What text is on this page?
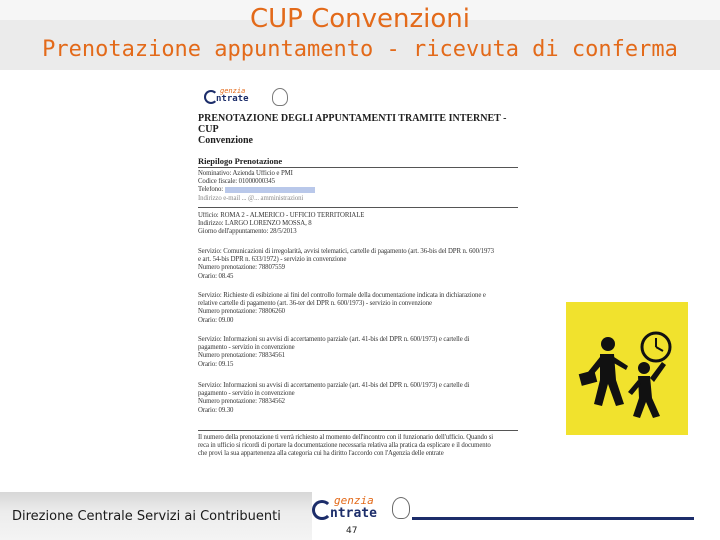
CUP Convenzioni
Prenotazione appuntamento - ricevuta di conferma
genzia
ntrate
PRENOTAZIONE DEGLI APPUNTAMENTI TRAMITE INTERNET - CUP
Convenzione
Riepilogo Prenotazione
Nominativo: Azienda Ufficio e PMI
Codice fiscale: 01000000345
Telefono:
Indirizzo e-mail ... @... amministrazioni
Ufficio: ROMA 2 - ALMERICO - UFFICIO TERRITORIALE
Indirizzo: LARGO LORENZO MOSSA, 8
Giorno dell'appuntamento: 28/5/2013
Servizio: Comunicazioni di irregolarità, avvisi telematici, cartelle di pagamento (art. 36-bis del DPR n. 600/1973
e art. 54-bis DPR n. 633/1972) - servizio in convenzione
Numero prenotazione: 78807559
Orario: 08.45
Servizio: Richieste di esibizione ai fini del controllo formale della documentazione indicata in dichiarazione e
relative cartelle di pagamento (art. 36-ter del DPR n. 600/1973) - servizio in convenzione
Numero prenotazione: 78806260
Orario: 09.00
Servizio: Informazioni su avvisi di accertamento parziale (art. 41-bis del DPR n. 600/1973) e cartelle di
pagamento - servizio in convenzione
Numero prenotazione: 78834561
Orario: 09.15
Servizio: Informazioni su avvisi di accertamento parziale (art. 41-bis del DPR n. 600/1973) e cartelle di
pagamento - servizio in convenzione
Numero prenotazione: 78834562
Orario: 09.30
Il numero della prenotazione ti verrà richiesto al momento dell'incontro con il funzionario dell'ufficio. Quando si
reca in ufficio si ricordi di portare la documentazione necessaria relativa alla pratica da esplicare e il documento
che provi la sua appartenenza alla categoria cui ha diritto l'accordo con l'Agenzia delle entrate
Direzione Centrale Servizi ai Contribuenti
genzia
ntrate
47
